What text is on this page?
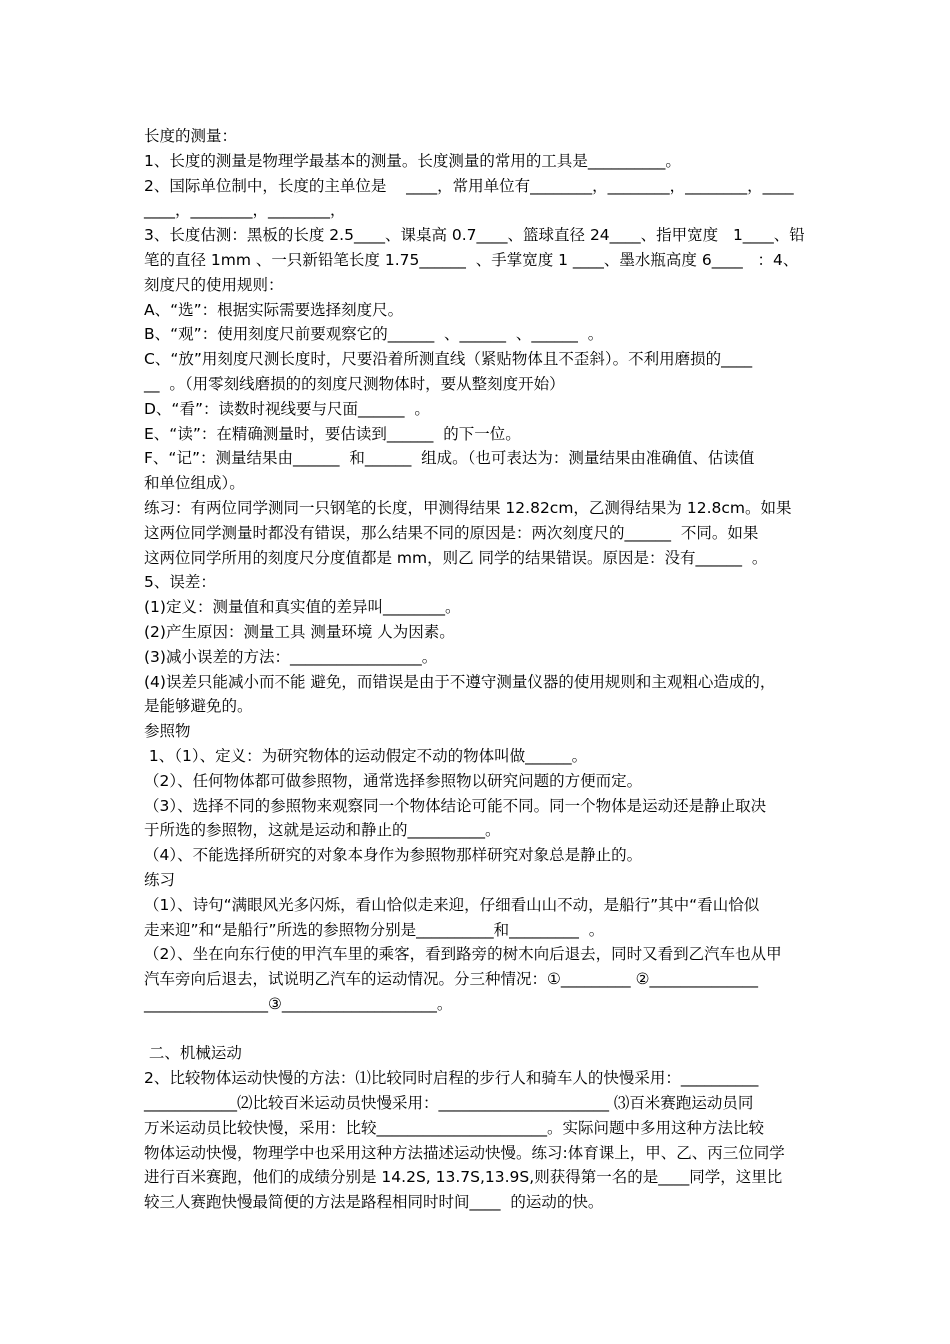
长度的测量：
1、长度的测量是物理学最基本的测量。长度测量的常用的工具是__________。
2、国际单位制中，长度的主单位是    ____，常用单位有________，________，________，____
____，________，________，
3、长度估测：黑板的长度 2.5____、课桌高 0.7____、篮球直径 24____、指甲宽度   1____、铅
笔的直径 1mm 、一只新铅笔长度 1.75______  、手掌宽度 1 ____、墨水瓶高度 6____   ：4、
刻度尺的使用规则：
A、“选”：根据实际需要选择刻度尺。
B、“观”：使用刻度尺前要观察它的______  、______  、______  。
C、“放”用刻度尺测长度时，尺要沿着所测直线（紧贴物体且不歪斜）。不利用磨损的____
__  。（用零刻线磨损的的刻度尺测物体时，要从整刻度开始）
D、“看”：读数时视线要与尺面______  。
E、“读”：在精确测量时，要估读到______  的下一位。
F、“记”：测量结果由______  和______  组成。（也可表达为：测量结果由准确值、估读值
和单位组成）。
练习：有两位同学测同一只钢笔的长度，甲测得结果 12.82cm，乙测得结果为 12.8cm。如果
这两位同学测量时都没有错误，那么结果不同的原因是：两次刻度尺的______  不同。如果
这两位同学所用的刻度尺分度值都是 mm，则乙 同学的结果错误。原因是：没有______  。
5、误差：
(1)定义：测量值和真实值的差异叫________。
(2)产生原因：测量工具 测量环境 人为因素。
(3)减小误差的方法：_________________。
(4)误差只能减小而不能 避免，而错误是由于不遵守测量仪器的使用规则和主观粗心造成的，
是能够避免的。
参照物
1、（1）、定义：为研究物体的运动假定不动的物体叫做______。
（2）、任何物体都可做参照物，通常选择参照物以研究问题的方便而定。
（3）、选择不同的参照物来观察同一个物体结论可能不同。同一个物体是运动还是静止取决
于所选的参照物，这就是运动和静止的__________。
（4）、不能选择所研究的对象本身作为参照物那样研究对象总是静止的。
练习
（1）、诗句“满眼风光多闪烁，看山恰似走来迎，仔细看山山不动，是船行”其中“看山恰似
走来迎”和“是船行”所选的参照物分别是__________和_________  。
（2）、坐在向东行使的甲汽车里的乘客，看到路旁的树木向后退去，同时又看到乙汽车也从甲
汽车旁向后退去，试说明乙汽车的运动情况。分三种情况：①_________ ②______________
________________③____________________。
二、机械运动
2、比较物体运动快慢的方法：⑴比较同时启程的步行人和骑车人的快慢采用：__________
____________⑵比较百米运动员快慢采用：______________________ ⑶百米赛跑运动员同
万米运动员比较快慢，采用：比较______________________。实际问题中多用这种方法比较
物体运动快慢，物理学中也采用这种方法描述运动快慢。练习:体育课上，甲、乙、丙三位同学
进行百米赛跑，他们的成绩分别是 14.2S, 13.7S,13.9S,则获得第一名的是____同学，这里比
较三人赛跑快慢最简便的方法是路程相同时时间____  的运动的快。
